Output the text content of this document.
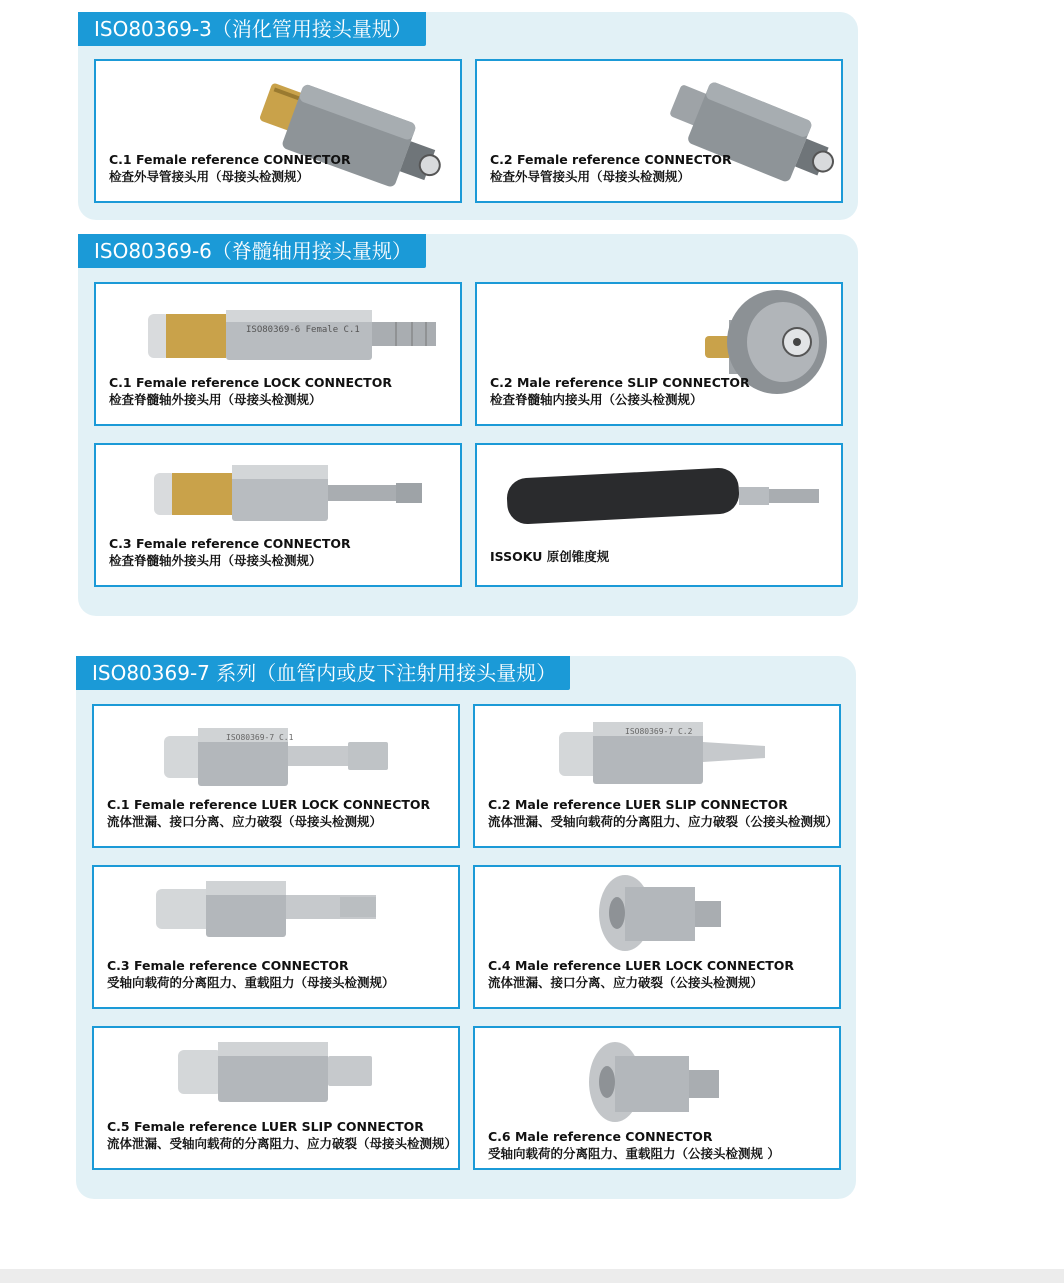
ISO80369-3（消化管用接头量规）
C.1 Female reference CONNECTOR
检查外导管接头用（母接头检测规）
C.2 Female reference CONNECTOR
检查外导管接头用（母接头检测规）
ISO80369-6（脊髓轴用接头量规）
ISO80369-6 Female C.1
C.1 Female reference LOCK CONNECTOR
检查脊髓轴外接头用（母接头检测规）
C.2 Male reference SLIP CONNECTOR
检查脊髓轴内接头用（公接头检测规）
C.3 Female reference CONNECTOR
检查脊髓轴外接头用（母接头检测规）	ISSOKU 原创锥度规
ISO80369-7 系列（血管内或皮下注射用接头量规）
ISO80369-7 C.1
C.1 Female reference LUER LOCK CONNECTOR
流体泄漏、接口分离、应力破裂（母接头检测规）
ISO80369-7 C.2
C.2 Male reference LUER SLIP CONNECTOR
流体泄漏、受轴向载荷的分离阻力、应力破裂（公接头检测规）
C.3 Female reference CONNECTOR
受轴向载荷的分离阻力、重载阻力（母接头检测规）
C.4 Male reference LUER LOCK CONNECTOR
流体泄漏、接口分离、应力破裂（公接头检测规）
C.5 Female reference LUER SLIP CONNECTOR
流体泄漏、受轴向载荷的分离阻力、应力破裂（母接头检测规） C.6 Male reference CONNECTOR
受轴向载荷的分离阻力、重载阻力（公接头检测规 ）
